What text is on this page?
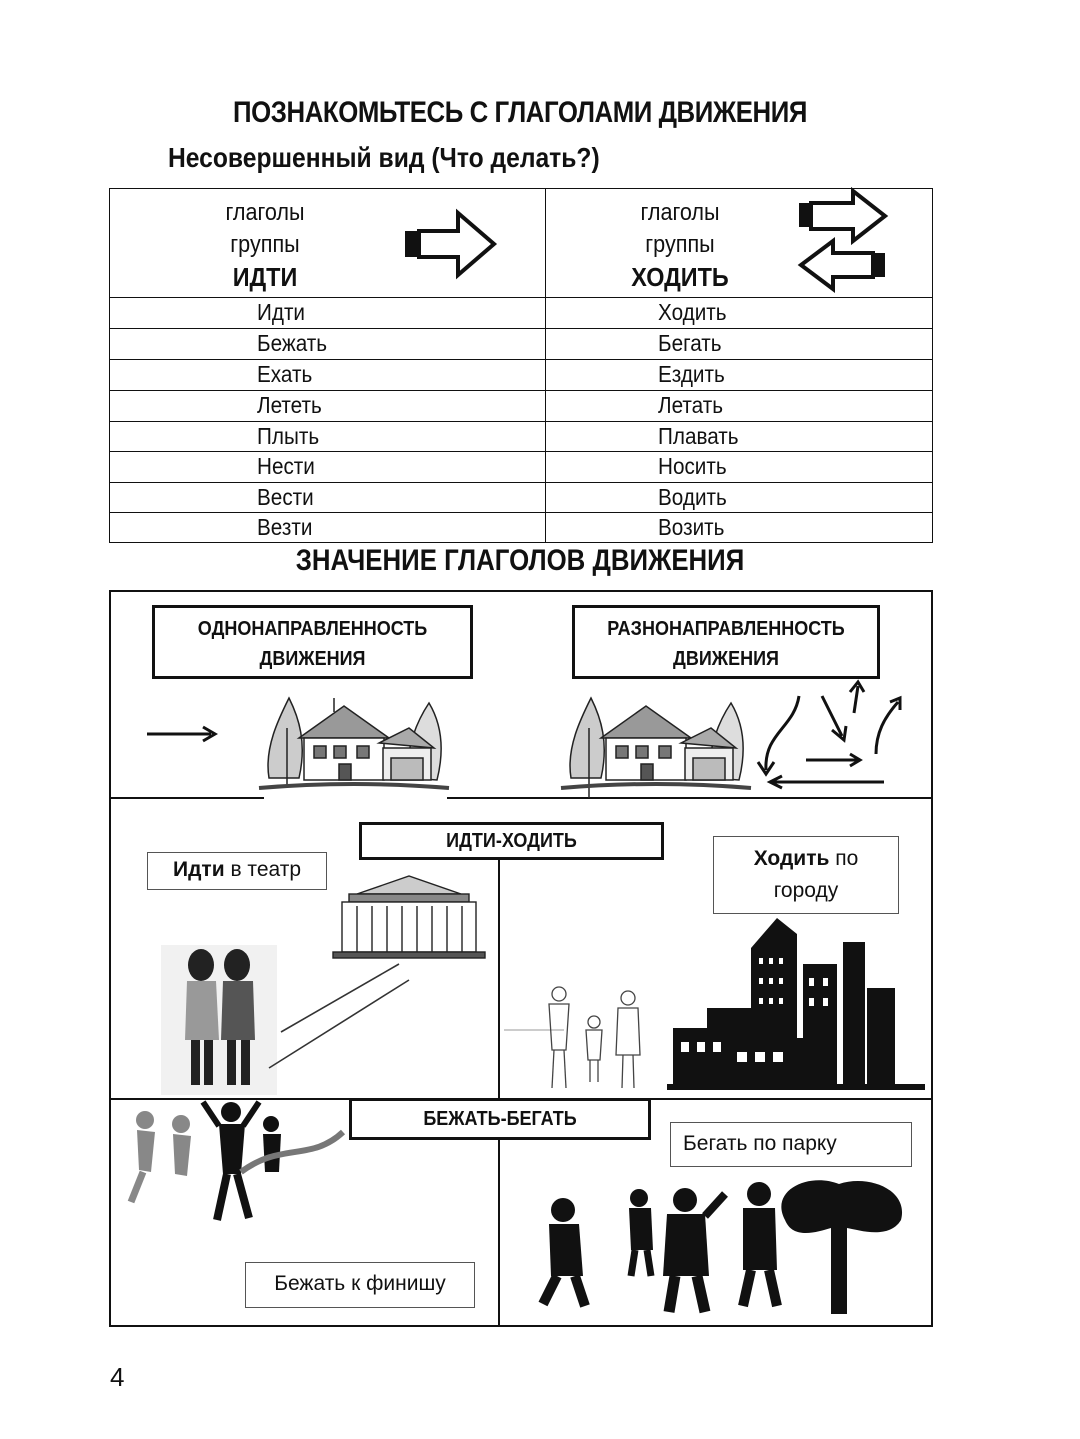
ПОЗНАКОМЬТЕСЬ С ГЛАГОЛАМИ ДВИЖЕНИЯ
Несовершенный вид (Что делать?)
глаголы
группы
ИДТИ
глаголы
группы
ХОДИТЬ
Идти	Ходить
Бежать	Бегать
Ехать	Ездить
Лететь	Летать
Плыть	Плавать
Нести	Носить
Вести	Водить
Везти	Возить
ЗНАЧЕНИЕ ГЛАГОЛОВ ДВИЖЕНИЯ
ОДНОНАПРАВЛЕННОСТЬ
ДВИЖЕНИЯ
РАЗНОНАПРАВЛЕННОСТЬ
ДВИЖЕНИЯ
ИДТИ-ХОДИТЬ
Идти в театр	Ходить по
городу
БЕЖАТЬ-БЕГАТЬ
Бегать по парку
Бежать к финишу
4
